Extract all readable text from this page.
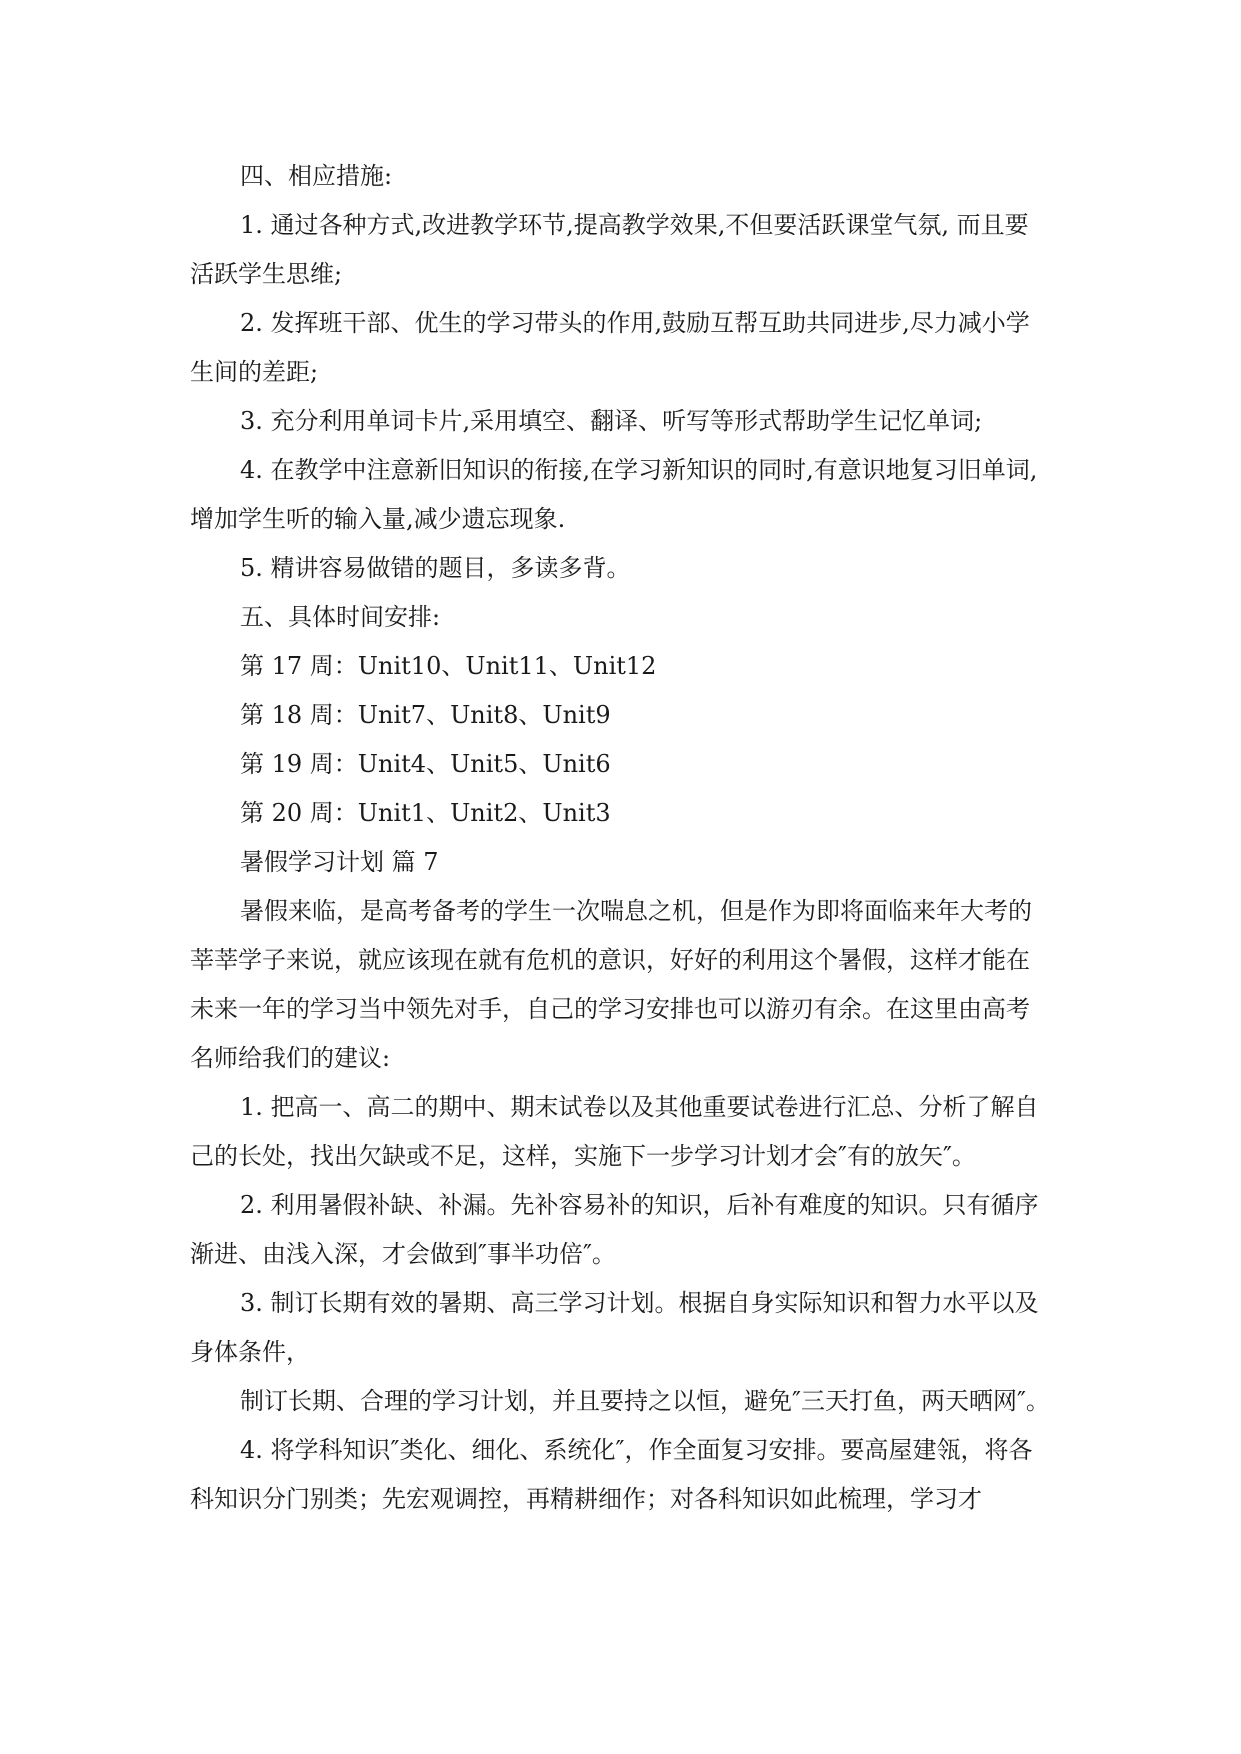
四、相应措施:

1. 通过各种方式,改进教学环节,提高教学效果,不但要活跃课堂气氛, 而且要活跃学生思维;

2. 发挥班干部、优生的学习带头的作用,鼓励互帮互助共同进步,尽力减小学生间的差距;

3. 充分利用单词卡片,采用填空、翻译、听写等形式帮助学生记忆单词;

4. 在教学中注意新旧知识的衔接,在学习新知识的同时,有意识地复习旧单词,增加学生听的输入量,减少遗忘现象.

5. 精讲容易做错的题目，多读多背。

五、具体时间安排:

第 17 周：Unit10、Unit11、Unit12

第 18 周：Unit7、Unit8、Unit9

第 19 周：Unit4、Unit5、Unit6

第 20 周：Unit1、Unit2、Unit3

暑假学习计划 篇 7

暑假来临，是高考备考的学生一次喘息之机，但是作为即将面临来年大考的莘莘学子来说，就应该现在就有危机的意识，好好的利用这个暑假，这样才能在未来一年的学习当中领先对手，自己的学习安排也可以游刃有余。在这里由高考名师给我们的建议:

1. 把高一、高二的期中、期末试卷以及其他重要试卷进行汇总、分析了解自己的长处，找出欠缺或不足，这样，实施下一步学习计划才会″有的放矢″。

2. 利用暑假补缺、补漏。先补容易补的知识，后补有难度的知识。只有循序渐进、由浅入深，才会做到″事半功倍″。

3. 制订长期有效的暑期、高三学习计划。根据自身实际知识和智力水平以及身体条件，

制订长期、合理的学习计划，并且要持之以恒，避免″三天打鱼，两天晒网″。

4. 将学科知识″类化、细化、系统化″，作全面复习安排。要高屋建瓴，将各科知识分门别类；先宏观调控，再精耕细作；对各科知识如此梳理，学习才
